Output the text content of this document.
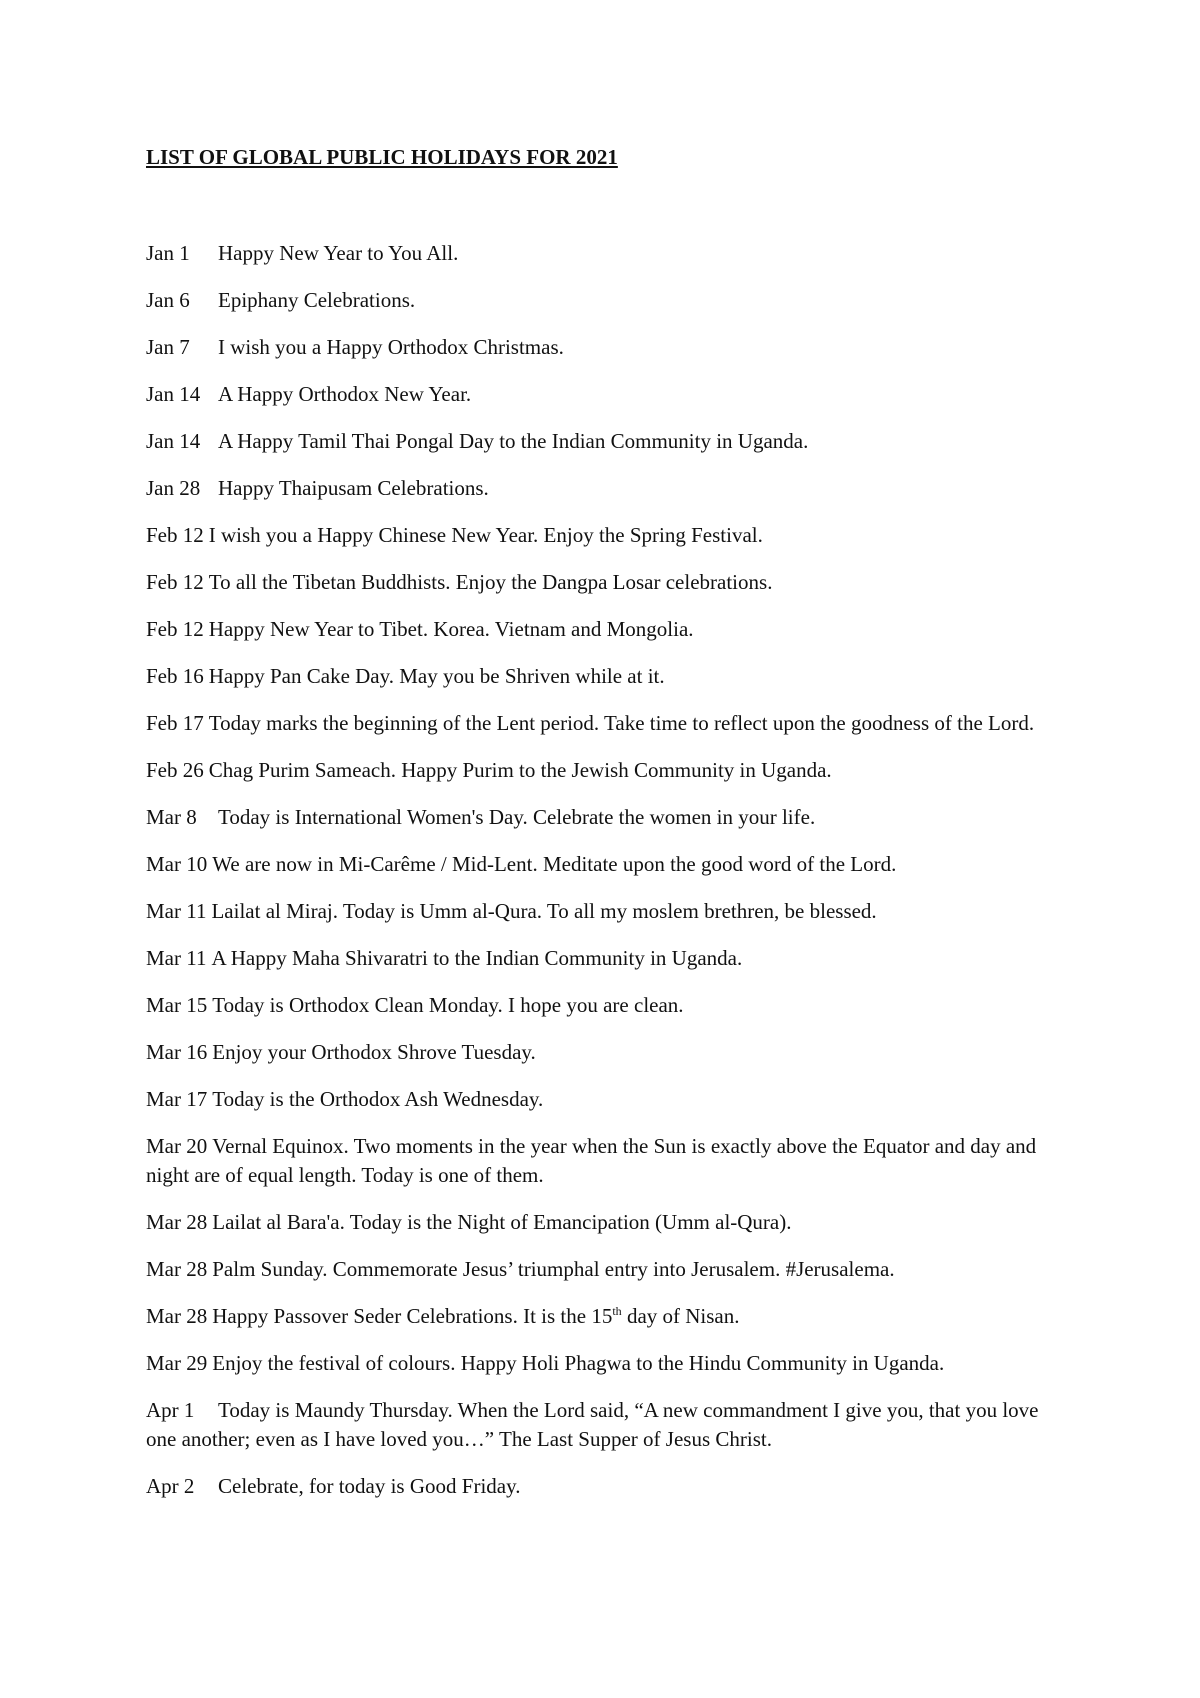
LIST OF GLOBAL PUBLIC HOLIDAYS FOR 2021
Jan 1 Happy New Year to You All.
Jan 6 Epiphany Celebrations.
Jan 7 I wish you a Happy Orthodox Christmas.
Jan 14 A Happy Orthodox New Year.
Jan 14 A Happy Tamil Thai Pongal Day to the Indian Community in Uganda.
Jan 28 Happy Thaipusam Celebrations.
Feb 12 I wish you a Happy Chinese New Year. Enjoy the Spring Festival.
Feb 12 To all the Tibetan Buddhists. Enjoy the Dangpa Losar celebrations.
Feb 12 Happy New Year to Tibet. Korea. Vietnam and Mongolia.
Feb 16 Happy Pan Cake Day. May you be Shriven while at it.
Feb 17 Today marks the beginning of the Lent period. Take time to reflect upon the goodness of the Lord.
Feb 26 Chag Purim Sameach. Happy Purim to the Jewish Community in Uganda.
Mar 8 Today is International Women's Day. Celebrate the women in your life.
Mar 10 We are now in Mi-Carême / Mid-Lent. Meditate upon the good word of the Lord.
Mar 11 Lailat al Miraj. Today is Umm al-Qura. To all my moslem brethren, be blessed.
Mar 11 A Happy Maha Shivaratri to the Indian Community in Uganda.
Mar 15 Today is Orthodox Clean Monday. I hope you are clean.
Mar 16 Enjoy your Orthodox Shrove Tuesday.
Mar 17 Today is the Orthodox Ash Wednesday.
Mar 20 Vernal Equinox. Two moments in the year when the Sun is exactly above the Equator and day and night are of equal length. Today is one of them.
Mar 28 Lailat al Bara'a. Today is the Night of Emancipation (Umm al-Qura).
Mar 28 Palm Sunday. Commemorate Jesus’ triumphal entry into Jerusalem. #Jerusalema.
Mar 28 Happy Passover Seder Celebrations. It is the 15th day of Nisan.
Mar 29 Enjoy the festival of colours. Happy Holi Phagwa to the Hindu Community in Uganda.
Apr 1 Today is Maundy Thursday. When the Lord said, “A new commandment I give you, that you love one another; even as I have loved you…” The Last Supper of Jesus Christ.
Apr 2 Celebrate, for today is Good Friday.
